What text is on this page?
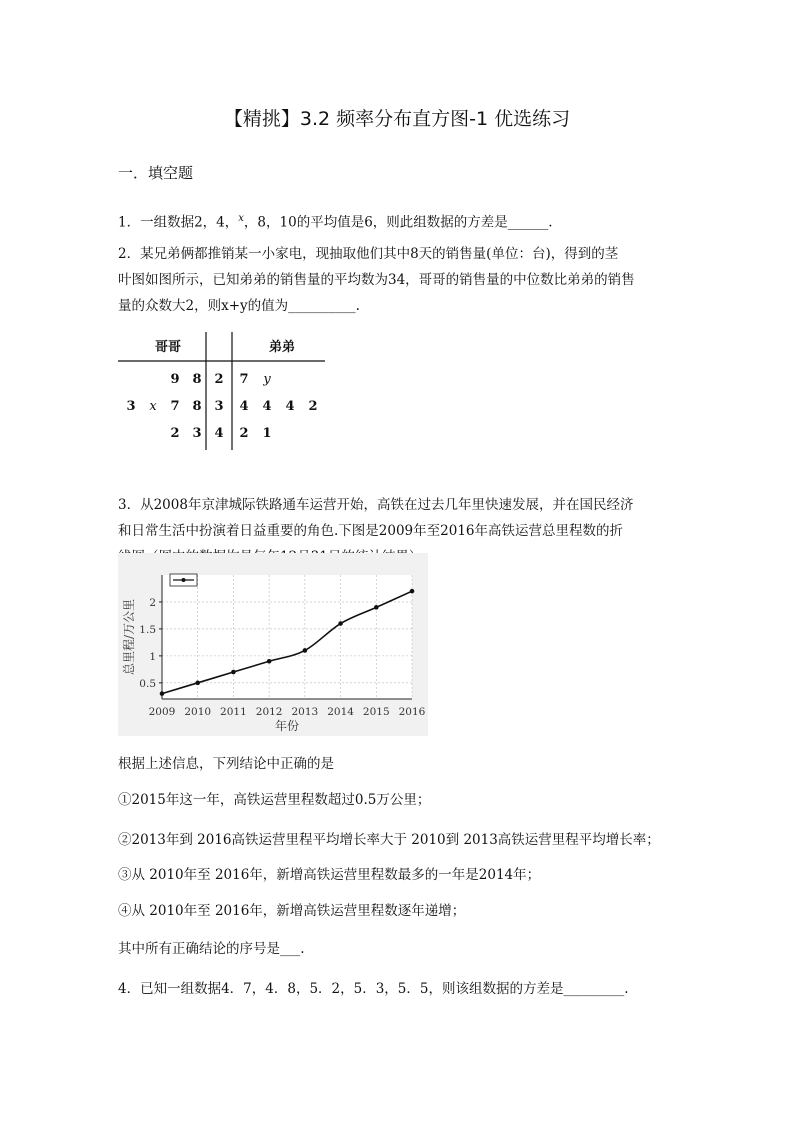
【精挑】3.2 频率分布直方图-1 优选练习
一．填空题
1．一组数据2，4，$^x$，8，10的平均值是6，则此组数据的方差是______.
2．某兄弟俩都推销某一小家电，现抽取他们其中8天的销售量(单位：台)，得到的茎
叶图如图所示，已知弟弟的销售量的平均数为34，哥哥的销售量的中位数比弟弟的销售
量的众数大2，则x+y的值为__________.
哥哥	弟弟
9 8 2 7 y
3 x 7 8 3 4 4 4 2
2 3 4 2 1
3．从2008年京津城际铁路通车运营开始，高铁在过去几年里快速发展，并在国民经济
和日常生活中扮演着日益重要的角色.下图是2009年至2016年高铁运营总里程数的折
0.5
1
1.5
2
2009 2010 2011 2012 2013 2014 2015 2016
总里程/万公里
年份
根据上述信息，下列结论中正确的是
①2015年这一年，高铁运营里程数超过0.5万公里；
②2013年到 2016高铁运营里程平均增长率大于 2010到 2013高铁运营里程平均增长率；
③从 2010年至 2016年，新增高铁运营里程数最多的一年是2014年；
④从 2010年至 2016年，新增高铁运营里程数逐年递增；
其中所有正确结论的序号是___.
4．已知一组数据4．7，4．8，5．2，5．3，5．5，则该组数据的方差是_________.
